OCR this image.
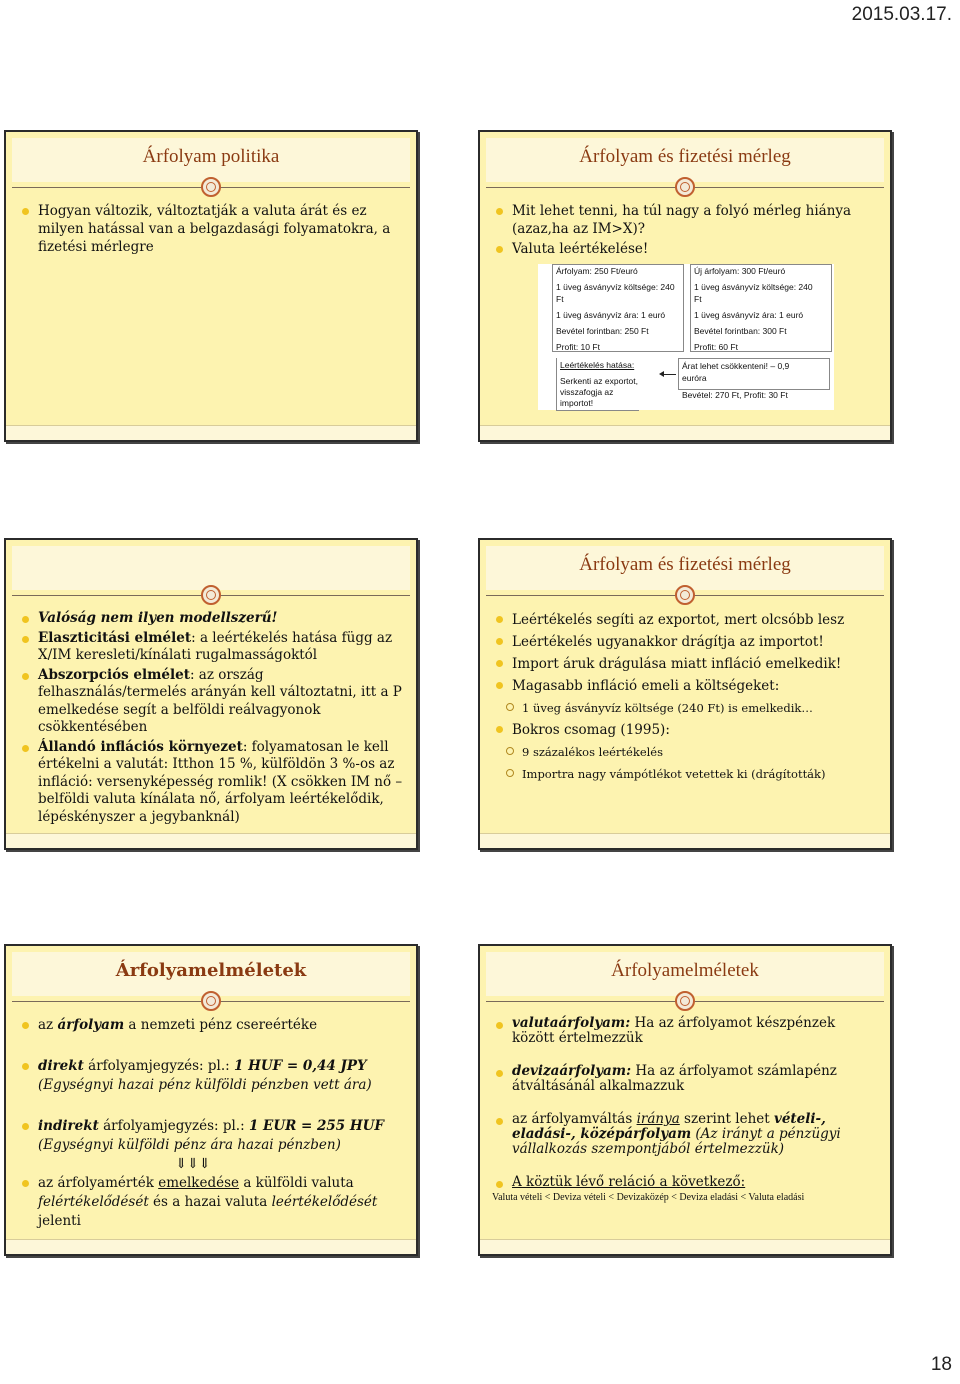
2015.03.17.
Árfolyam politika

Hogyan változik, változtatják a valuta árát és ez milyen hatással van a belgazdasági folyamatokra, a fizetési mérlegre

Árfolyam és fizetési mérleg

Mit lehet tenni, ha túl nagy a folyó mérleg hiánya (azaz,ha az IM>X)?

Valuta leértékelése!

Árfolyam: 250 Ft/euró
1 üveg ásványvíz költsége: 240
Ft
1 üveg ásványvíz ára: 1 euró
Bevétel forintban: 250 Ft
Profit: 10 Ft
Új árfolyam: 300 Ft/euró
1 üveg ásványvíz költsége: 240
Ft
1 üveg ásványvíz ára: 1 euró
Bevétel forintban: 300 Ft
Profit: 60 Ft
Leértékelés hatása:
Serkenti az exportot,
visszafogja az
importot!
Árat lehet csökkenteni! – 0,9
euróra
Bevétel: 270 Ft, Profit: 30 Ft

Valóság nem ilyen modellszerű!

Elaszticitási elmélet: a leértékelés hatása függ az X/IM keresleti/kínálati rugalmasságoktól

Abszorpciós elmélet: az ország felhasználás/termelés arányán kell változtatni, itt a P emelkedése segít a belföldi reálvagyonok csökkentésében

Állandó inflációs környezet: folyamatosan le kell értékelni a valutát: Itthon 15 %, külföldön 3 %-os az infláció: versenyképesség romlik! (X csökken IM nő – belföldi valuta kínálata nő, árfolyam leértékelődik, lépéskényszer a jegybanknál)

Árfolyam és fizetési mérleg

Leértékelés segíti az exportot, mert olcsóbb lesz

Leértékelés ugyanakkor drágítja az importot!

Import áruk drágulása miatt infláció emelkedik!

Magasabb infláció emeli a költségeket:

1 üveg ásványvíz költsége (240 Ft) is emelkedik…

Bokros csomag (1995):

9 százalékos leértékelés

Importra nagy vámpótlékot vetettek ki (drágították)

Árfolyamelméletek

az árfolyam a nemzeti pénz csereértéke

direkt árfolyamjegyzés: pl.: 1 HUF = 0,44 JPY
(Egységnyi hazai pénz külföldi pénzben vett ára)

indirekt árfolyamjegyzés: pl.: 1 EUR = 255 HUF
(Egységnyi külföldi pénz ára hazai pénzben)

⇓⇓⇓

az árfolyamérték emelkedése a külföldi valuta felértékelődését és a hazai valuta leértékelődését jelenti

Árfolyamelméletek

valutaárfolyam: Ha az árfolyamot készpénzek között értelmezzük

devizaárfolyam: Ha az árfolyamot számlapénz átváltásánál alkalmazzuk

az árfolyamváltás iránya szerint lehet vételi-, eladási-, középárfolyam (Az irányt a pénzügyi vállalkozás szempontjából értelmezzük)

A köztük lévő reláció a következő:

Valuta vételi < Deviza vételi < Devizaközép < Deviza eladási < Valuta eladási
18
